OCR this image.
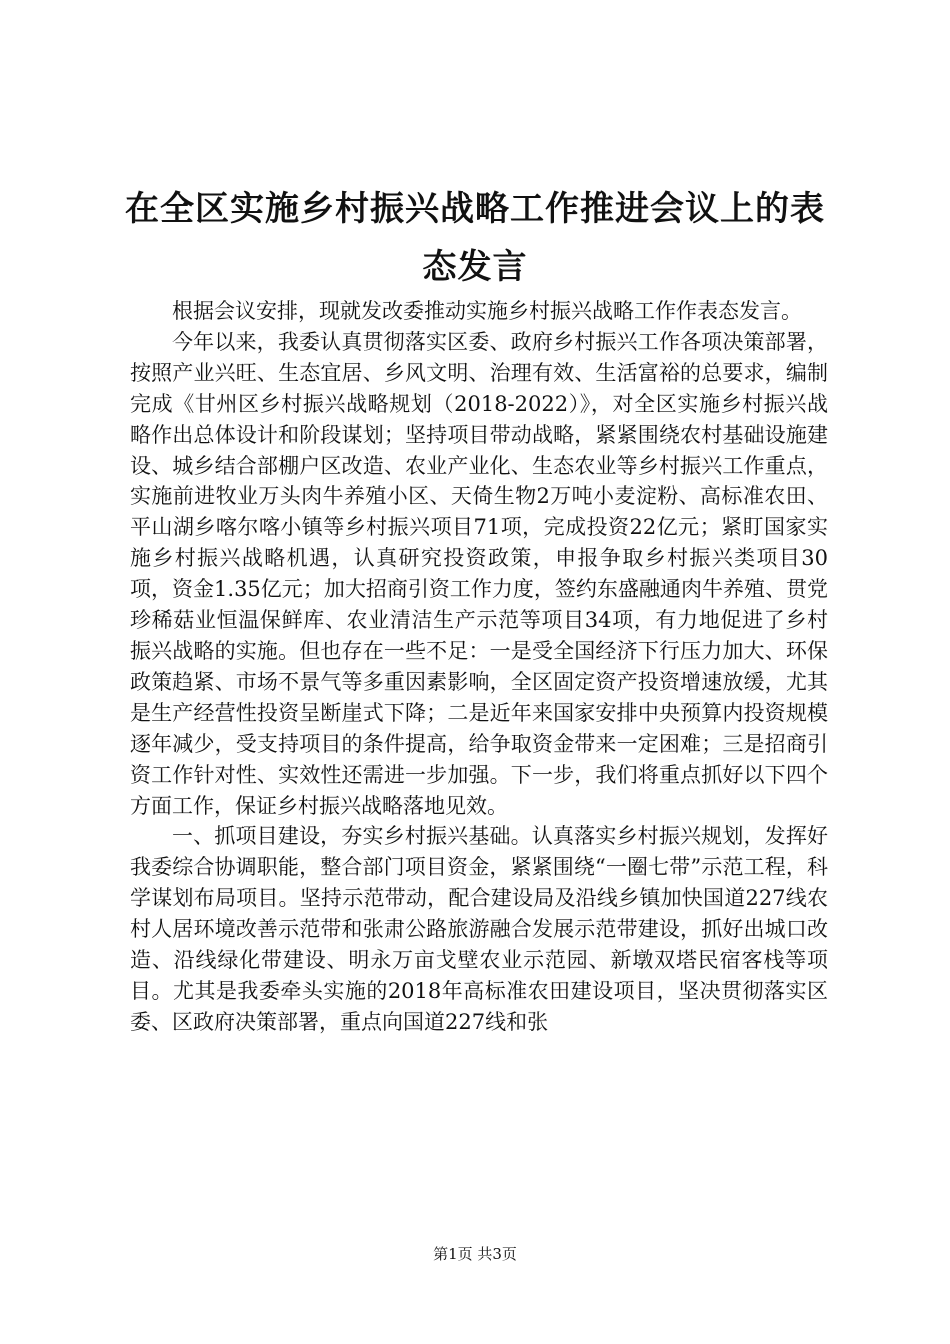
在全区实施乡村振兴战略工作推进会议上的表态发言

根据会议安排，现就发改委推动实施乡村振兴战略工作作表态发言。

今年以来，我委认真贯彻落实区委、政府乡村振兴工作各项决策部署，按照产业兴旺、生态宜居、乡风文明、治理有效、生活富裕的总要求，编制完成《甘州区乡村振兴战略规划（2018-2022）》，对全区实施乡村振兴战略作出总体设计和阶段谋划；坚持项目带动战略，紧紧围绕农村基础设施建设、城乡结合部棚户区改造、农业产业化、生态农业等乡村振兴工作重点，实施前进牧业万头肉牛养殖小区、天倚生物2万吨小麦淀粉、高标准农田、平山湖乡喀尔喀小镇等乡村振兴项目71项，完成投资22亿元；紧盯国家实施乡村振兴战略机遇，认真研究投资政策，申报争取乡村振兴类项目30项，资金1.35亿元；加大招商引资工作力度，签约东盛融通肉牛养殖、贯党珍稀菇业恒温保鲜库、农业清洁生产示范等项目34项，有力地促进了乡村振兴战略的实施。但也存在一些不足：一是受全国经济下行压力加大、环保政策趋紧、市场不景气等多重因素影响，全区固定资产投资增速放缓，尤其是生产经营性投资呈断崖式下降；二是近年来国家安排中央预算内投资规模逐年减少，受支持项目的条件提高，给争取资金带来一定困难；三是招商引资工作针对性、实效性还需进一步加强。下一步，我们将重点抓好以下四个方面工作，保证乡村振兴战略落地见效。

一、抓项目建设，夯实乡村振兴基础。认真落实乡村振兴规划，发挥好我委综合协调职能，整合部门项目资金，紧紧围绕“一圈七带”示范工程，科学谋划布局项目。坚持示范带动，配合建设局及沿线乡镇加快国道227线农村人居环境改善示范带和张肃公路旅游融合发展示范带建设，抓好出城口改造、沿线绿化带建设、明永万亩戈壁农业示范园、新墩双塔民宿客栈等项目。尤其是我委牵头实施的2018年高标准农田建设项目，坚决贯彻落实区委、区政府决策部署，重点向国道227线和张

第1页 共3页
